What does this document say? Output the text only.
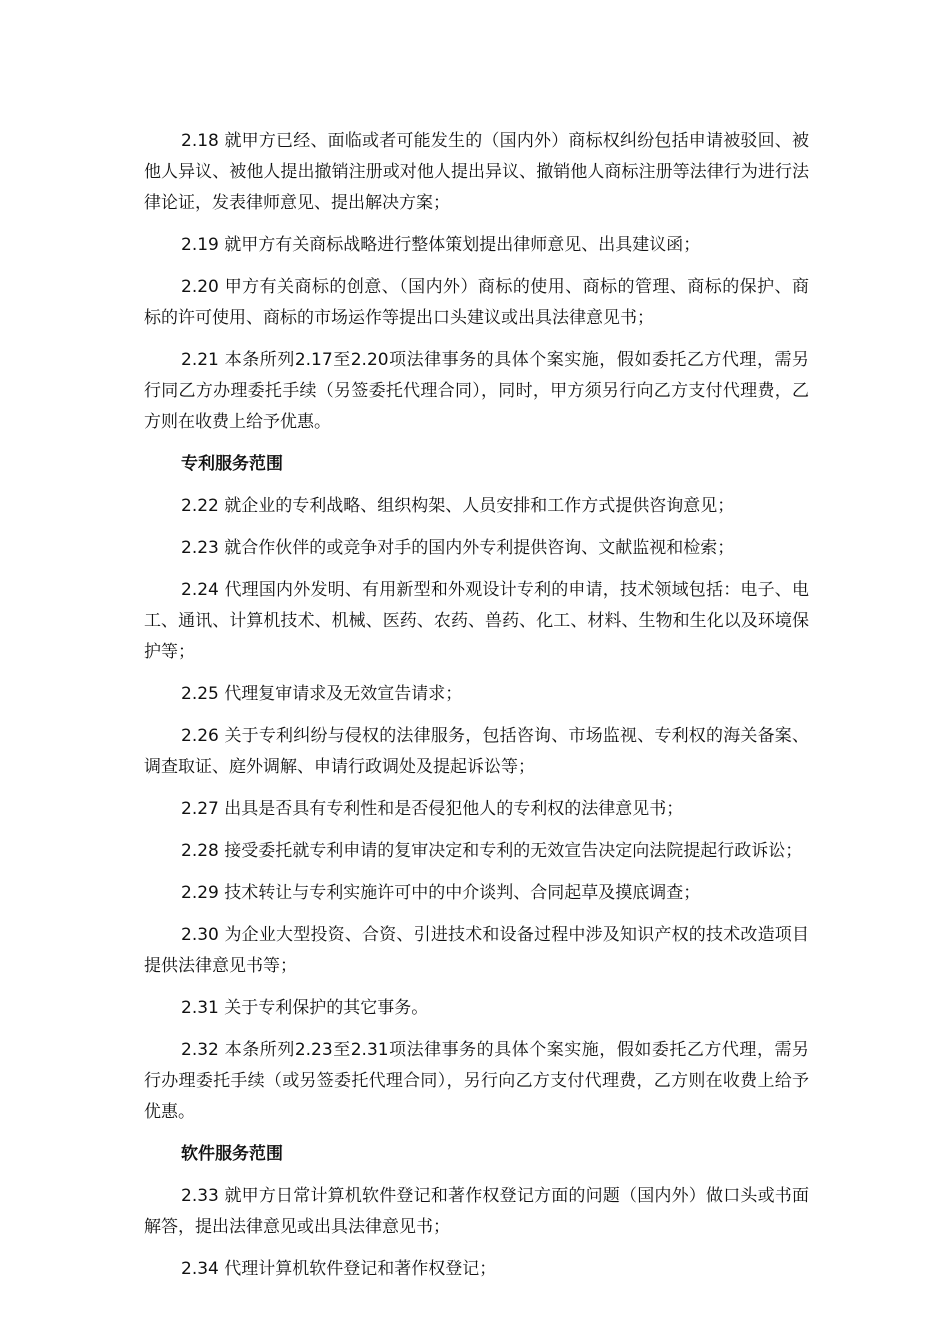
2.18 就甲方已经、面临或者可能发生的（国内外）商标权纠纷包括申请被驳回、被他人异议、被他人提出撤销注册或对他人提出异议、撤销他人商标注册等法律行为进行法律论证，发表律师意见、提出解决方案；

2.19 就甲方有关商标战略进行整体策划提出律师意见、出具建议函；

2.20 甲方有关商标的创意、（国内外）商标的使用、商标的管理、商标的保护、商标的许可使用、商标的市场运作等提出口头建议或出具法律意见书；

2.21 本条所列2.17至2.20项法律事务的具体个案实施，假如委托乙方代理，需另行同乙方办理委托手续（另签委托代理合同），同时，甲方须另行向乙方支付代理费，乙方则在收费上给予优惠。

专利服务范围

2.22 就企业的专利战略、组织构架、人员安排和工作方式提供咨询意见；

2.23 就合作伙伴的或竞争对手的国内外专利提供咨询、文献监视和检索；

2.24 代理国内外发明、有用新型和外观设计专利的申请，技术领域包括：电子、电工、通讯、计算机技术、机械、医药、农药、兽药、化工、材料、生物和生化以及环境保护等；

2.25 代理复审请求及无效宣告请求；

2.26 关于专利纠纷与侵权的法律服务，包括咨询、市场监视、专利权的海关备案、调查取证、庭外调解、申请行政调处及提起诉讼等；

2.27 出具是否具有专利性和是否侵犯他人的专利权的法律意见书；

2.28 接受委托就专利申请的复审决定和专利的无效宣告决定向法院提起行政诉讼；

2.29 技术转让与专利实施许可中的中介谈判、合同起草及摸底调查；

2.30 为企业大型投资、合资、引进技术和设备过程中涉及知识产权的技术改造项目提供法律意见书等；

2.31 关于专利保护的其它事务。

2.32 本条所列2.23至2.31项法律事务的具体个案实施，假如委托乙方代理，需另行办理委托手续（或另签委托代理合同），另行向乙方支付代理费，乙方则在收费上给予优惠。

软件服务范围

2.33 就甲方日常计算机软件登记和著作权登记方面的问题（国内外）做口头或书面解答，提出法律意见或出具法律意见书；

2.34 代理计算机软件登记和著作权登记；
